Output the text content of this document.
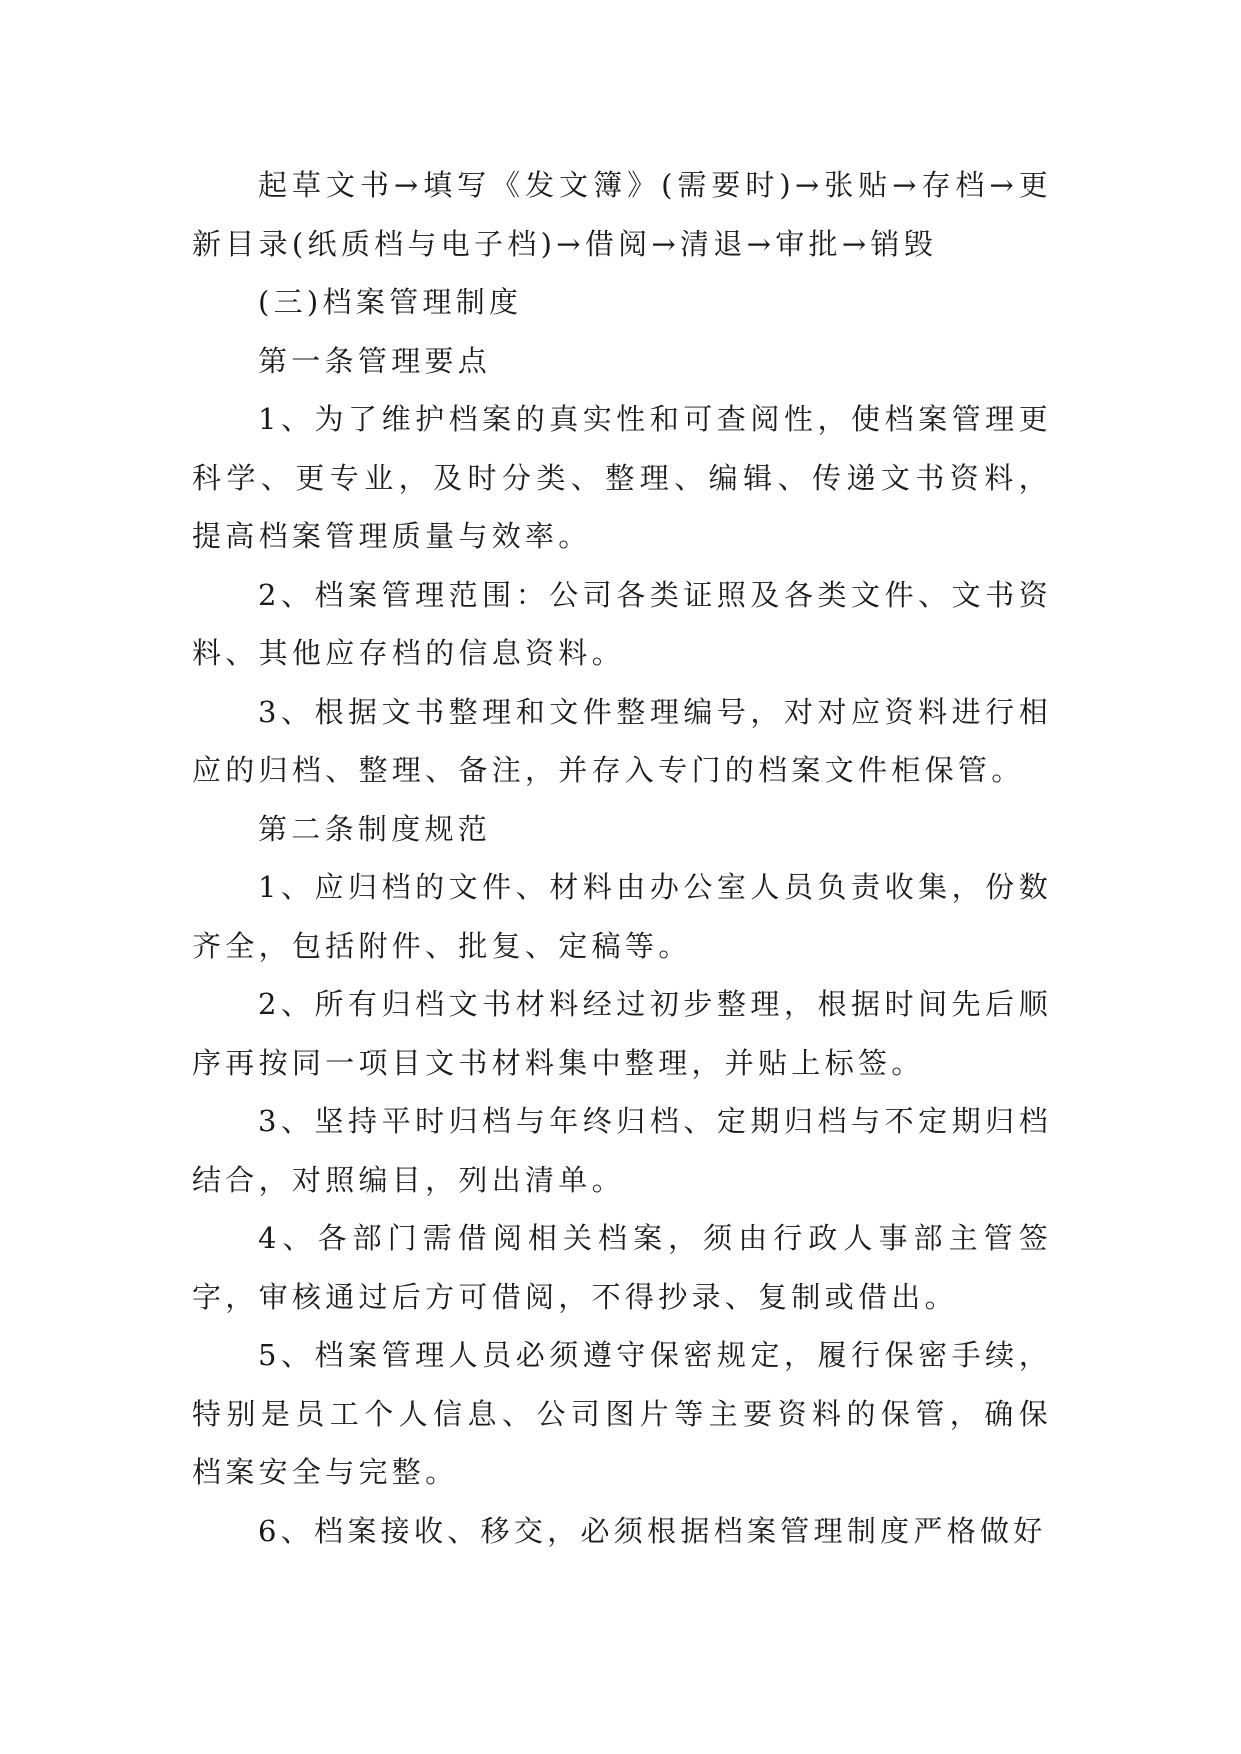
起草文书→填写《发文簿》(需要时)→张贴→存档→更新目录(纸质档与电子档)→借阅→清退→审批→销毁

(三)档案管理制度

第一条管理要点

1、为了维护档案的真实性和可查阅性，使档案管理更科学、更专业，及时分类、整理、编辑、传递文书资料，提高档案管理质量与效率。

2、档案管理范围：公司各类证照及各类文件、文书资料、其他应存档的信息资料。

3、根据文书整理和文件整理编号，对对应资料进行相应的归档、整理、备注，并存入专门的档案文件柜保管。

第二条制度规范

1、应归档的文件、材料由办公室人员负责收集，份数齐全，包括附件、批复、定稿等。

2、所有归档文书材料经过初步整理，根据时间先后顺序再按同一项目文书材料集中整理，并贴上标签。

3、坚持平时归档与年终归档、定期归档与不定期归档结合，对照编目，列出清单。

4、各部门需借阅相关档案，须由行政人事部主管签字，审核通过后方可借阅，不得抄录、复制或借出。

5、档案管理人员必须遵守保密规定，履行保密手续，特别是员工个人信息、公司图片等主要资料的保管，确保档案安全与完整。

6、档案接收、移交，必须根据档案管理制度严格做好
